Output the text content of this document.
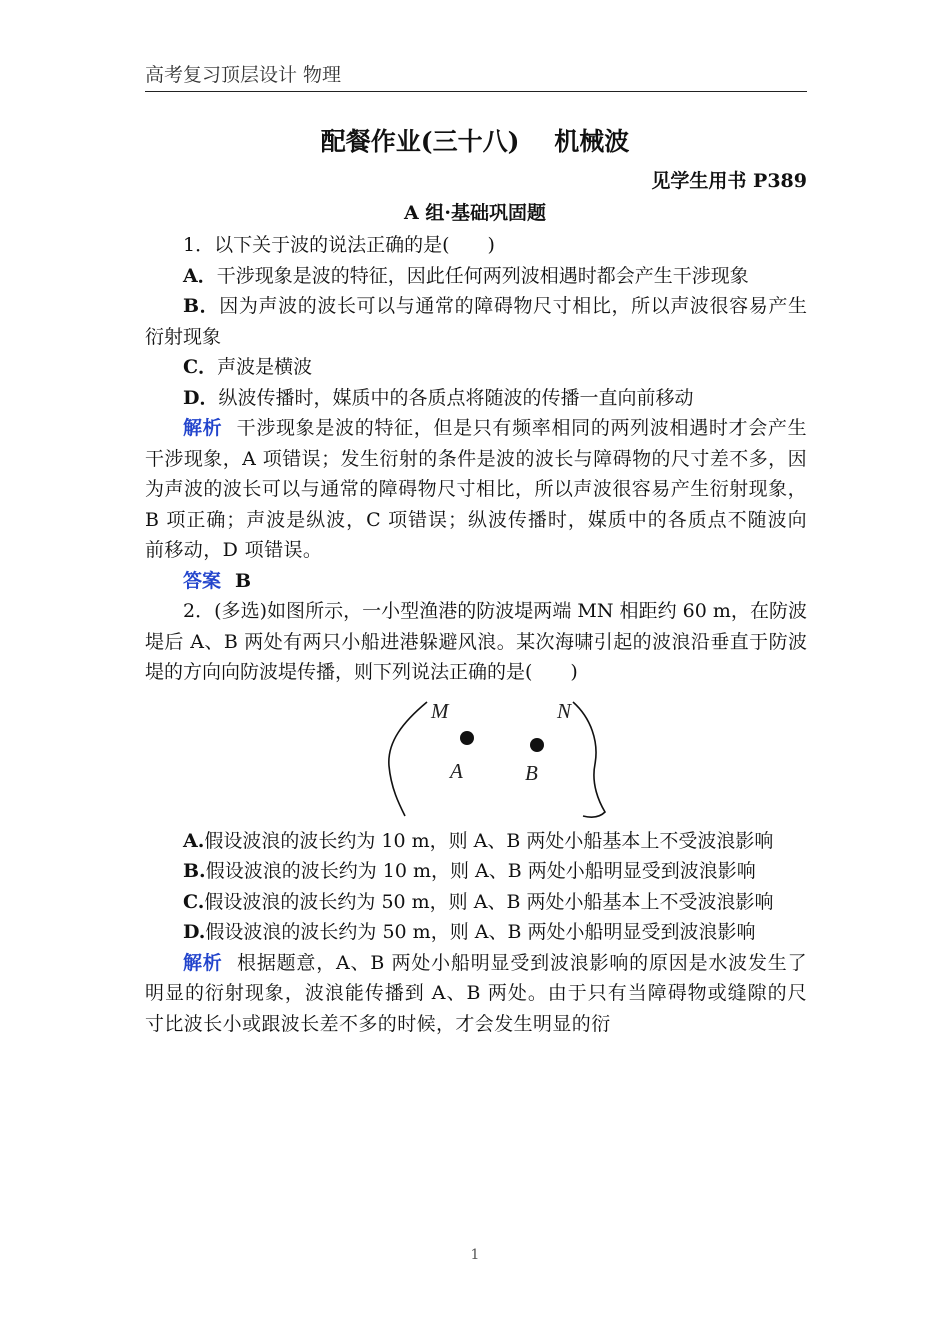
高考复习顶层设计 物理
配餐作业(三十八)    机械波
见学生用书 P389
A 组·基础巩固题

1．以下关于波的说法正确的是(　　)

A．干涉现象是波的特征，因此任何两列波相遇时都会产生干涉现象

B．因为声波的波长可以与通常的障碍物尺寸相比，所以声波很容易产生衍射现象

C．声波是横波

D．纵波传播时，媒质中的各质点将随波的传播一直向前移动

解析 干涉现象是波的特征，但是只有频率相同的两列波相遇时才会产生干涉现象，A 项错误；发生衍射的条件是波的波长与障碍物的尺寸差不多，因为声波的波长可以与通常的障碍物尺寸相比，所以声波很容易产生衍射现象，B 项正确；声波是纵波，C 项错误；纵波传播时，媒质中的各质点不随波向前移动，D 项错误。

答案 B

2．(多选)如图所示，一小型渔港的防波堤两端 MN 相距约 60 m，在防波堤后 A、B 两处有两只小船进港躲避风浪。某次海啸引起的波浪沿垂直于防波堤的方向向防波堤传播，则下列说法正确的是(　　)

M	N
A	B

A.假设波浪的波长约为 10 m，则 A、B 两处小船基本上不受波浪影响

B.假设波浪的波长约为 10 m，则 A、B 两处小船明显受到波浪影响

C.假设波浪的波长约为 50 m，则 A、B 两处小船基本上不受波浪影响

D.假设波浪的波长约为 50 m，则 A、B 两处小船明显受到波浪影响

解析 根据题意，A、B 两处小船明显受到波浪影响的原因是水波发生了明显的衍射现象，波浪能传播到 A、B 两处。由于只有当障碍物或缝隙的尺寸比波长小或跟波长差不多的时候，才会发生明显的衍

1
